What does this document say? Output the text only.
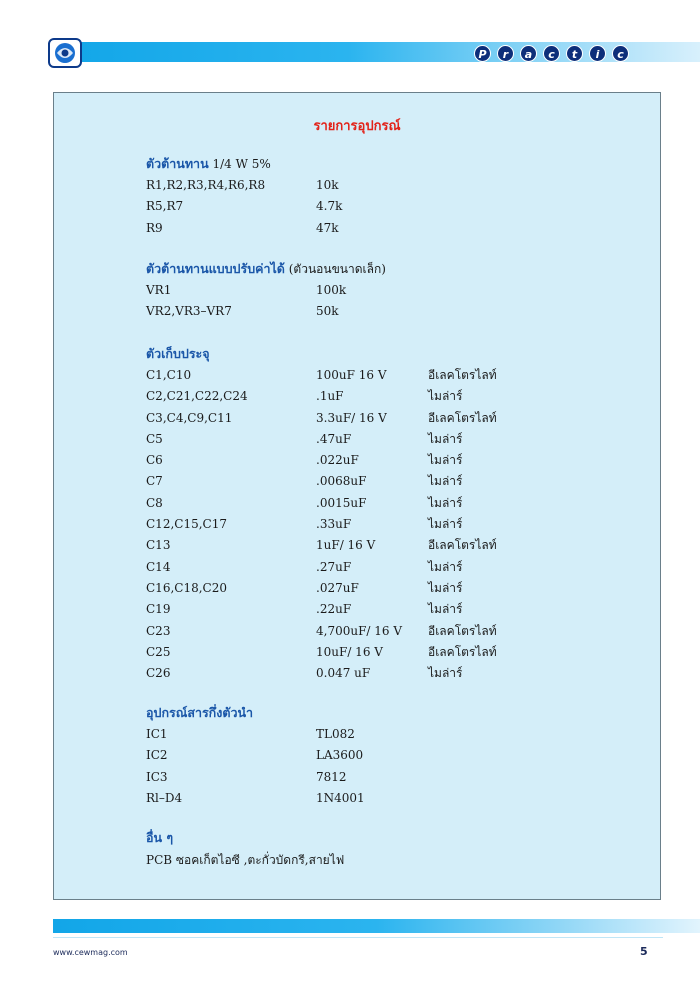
P	r	a	c	t	i	c
รายการอุปกรณ์
ตัวต้านทาน 1/4 W 5%
R1,R2,R3,R4,R6,R8	10k
R5,R7	4.7k
R9	47k
ตัวต้านทานแบบปรับค่าได้ (ตัวนอนขนาดเล็ก)
VR1	100k
VR2,VR3–VR7	50k
ตัวเก็บประจุ
C1,C10	100uF 16 V	อีเลคโตรไลท์
C2,C21,C22,C24	.1uF	ไมล่าร์
C3,C4,C9,C11	3.3uF/ 16 V	อีเลคโตรไลท์
C5	.47uF	ไมล่าร์
C6	.022uF	ไมล่าร์
C7	.0068uF	ไมล่าร์
C8	.0015uF	ไมล่าร์
C12,C15,C17	.33uF	ไมล่าร์
C13	1uF/ 16 V	อีเลคโตรไลท์
C14	.27uF	ไมล่าร์
C16,C18,C20	.027uF	ไมล่าร์
C19	.22uF	ไมล่าร์
C23	4,700uF/ 16 V อีเลคโตรไลท์
C25	10uF/ 16 V	อีเลคโตรไลท์
C26	0.047 uF	ไมล่าร์
อุปกรณ์สารกึ่งตัวนำ
IC1	TL082
IC2	LA3600
IC3	7812
Rl–D4	1N4001
อื่น ๆ
PCB ซอคเก็ตไอซี ,ตะกั่วบัดกรี,สายไฟ
www.cewmag.com	5
